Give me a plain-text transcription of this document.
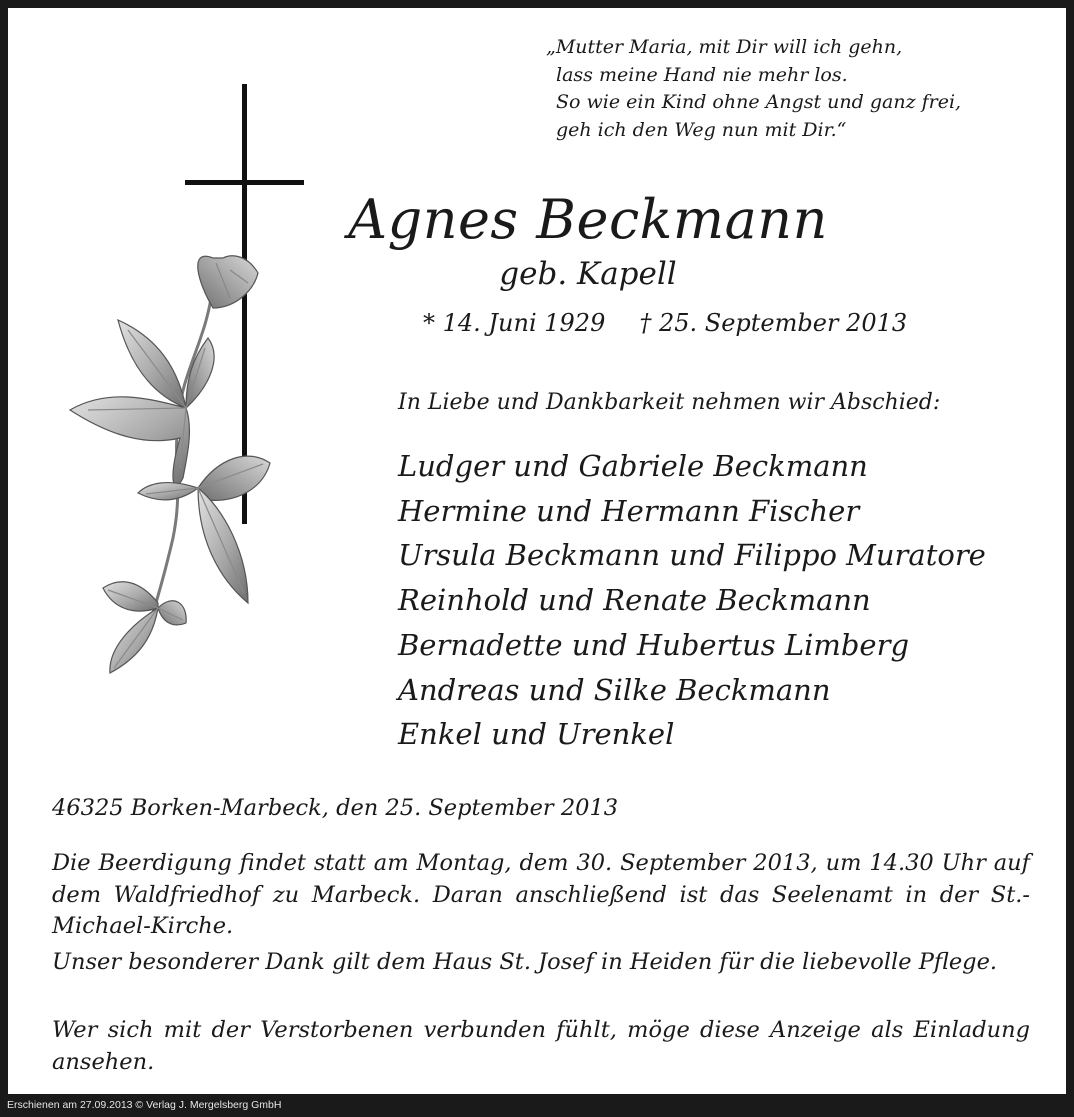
„Mutter Maria, mit Dir will ich gehn,
lass meine Hand nie mehr los.
So wie ein Kind ohne Angst und ganz frei,
geh ich den Weg nun mit Dir.“
Agnes Beckmann
geb. Kapell
* 14. Juni 1929 † 25. September 2013
In Liebe und Dankbarkeit nehmen wir Abschied:
Ludger und Gabriele Beckmann
Hermine und Hermann Fischer
Ursula Beckmann und Filippo Muratore
Reinhold und Renate Beckmann
Bernadette und Hubertus Limberg
Andreas und Silke Beckmann
Enkel und Urenkel
46325 Borken-Marbeck, den 25. September 2013
Die Beerdigung findet statt am Montag, dem 30. September 2013, um 14.30 Uhr auf dem Waldfriedhof zu Marbeck. Daran anschließend ist das Seelenamt in der St.-Michael-Kirche.
Unser besonderer Dank gilt dem Haus St. Josef in Heiden für die liebevolle Pflege.
Wer sich mit der Verstorbenen verbunden fühlt, möge diese Anzeige als Einladung ansehen.
Erschienen am 27.09.2013 © Verlag J. Mergelsberg GmbH
